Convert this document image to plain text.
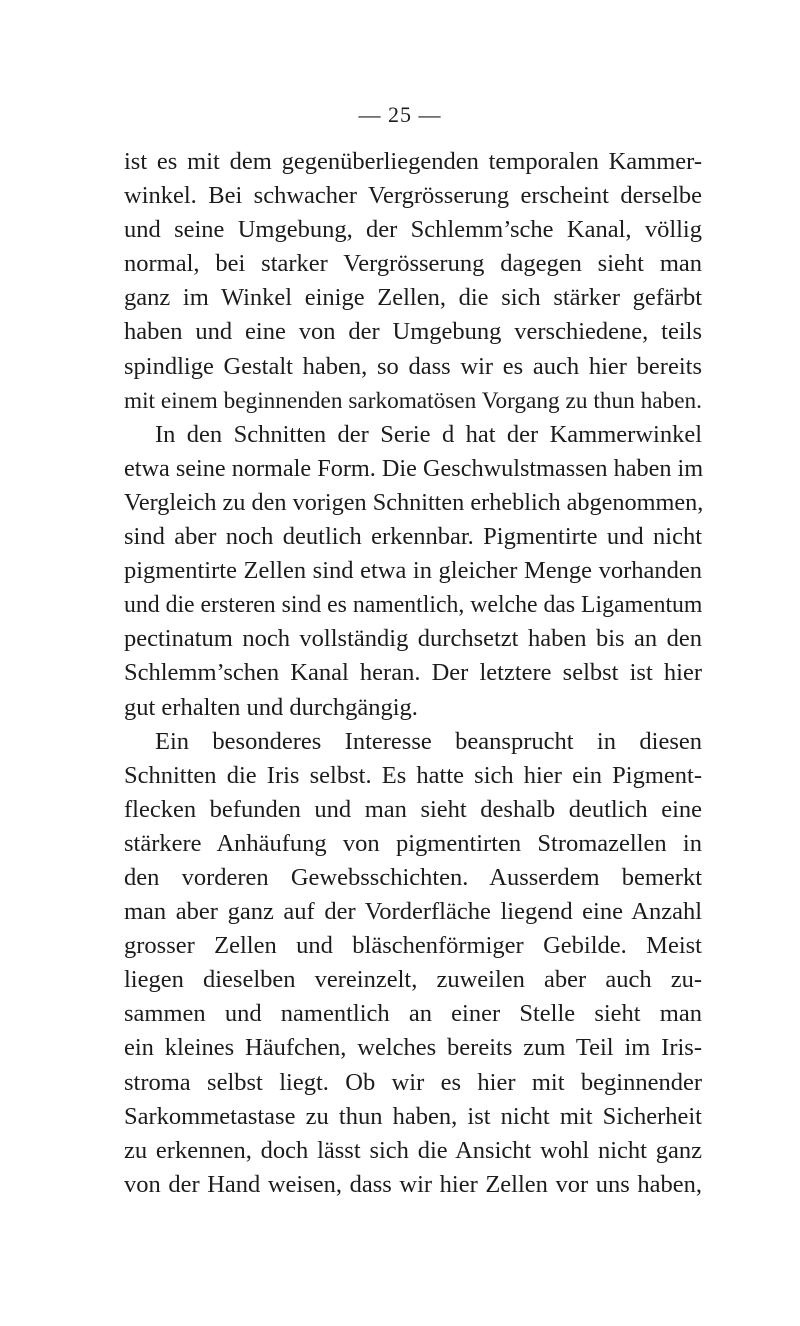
— 25 —
ist es mit dem gegenüberliegenden temporalen Kammer-
winkel. Bei schwacher Vergrösserung erscheint derselbe
und seine Umgebung, der Schlemm’sche Kanal, völlig
normal, bei starker Vergrösserung dagegen sieht man
ganz im Winkel einige Zellen, die sich stärker gefärbt
haben und eine von der Umgebung verschiedene, teils
spindlige Gestalt haben, so dass wir es auch hier bereits
mit einem beginnenden sarkomatösen Vorgang zu thun haben.
In den Schnitten der Serie d hat der Kammerwinkel
etwa seine normale Form. Die Geschwulstmassen haben im
Vergleich zu den vorigen Schnitten erheblich abgenommen,
sind aber noch deutlich erkennbar. Pigmentirte und nicht
pigmentirte Zellen sind etwa in gleicher Menge vorhanden
und die ersteren sind es namentlich, welche das Ligamentum
pectinatum noch vollständig durchsetzt haben bis an den
Schlemm’schen Kanal heran. Der letztere selbst ist hier
gut erhalten und durchgängig.
Ein besonderes Interesse beansprucht in diesen
Schnitten die Iris selbst. Es hatte sich hier ein Pigment-
flecken befunden und man sieht deshalb deutlich eine
stärkere Anhäufung von pigmentirten Stromazellen in
den vorderen Gewebsschichten. Ausserdem bemerkt
man aber ganz auf der Vorderfläche liegend eine Anzahl
grosser Zellen und bläschenförmiger Gebilde. Meist
liegen dieselben vereinzelt, zuweilen aber auch zu-
sammen und namentlich an einer Stelle sieht man
ein kleines Häufchen, welches bereits zum Teil im Iris-
stroma selbst liegt. Ob wir es hier mit beginnender
Sarkommetastase zu thun haben, ist nicht mit Sicherheit
zu erkennen, doch lässt sich die Ansicht wohl nicht ganz
von der Hand weisen, dass wir hier Zellen vor uns haben,
